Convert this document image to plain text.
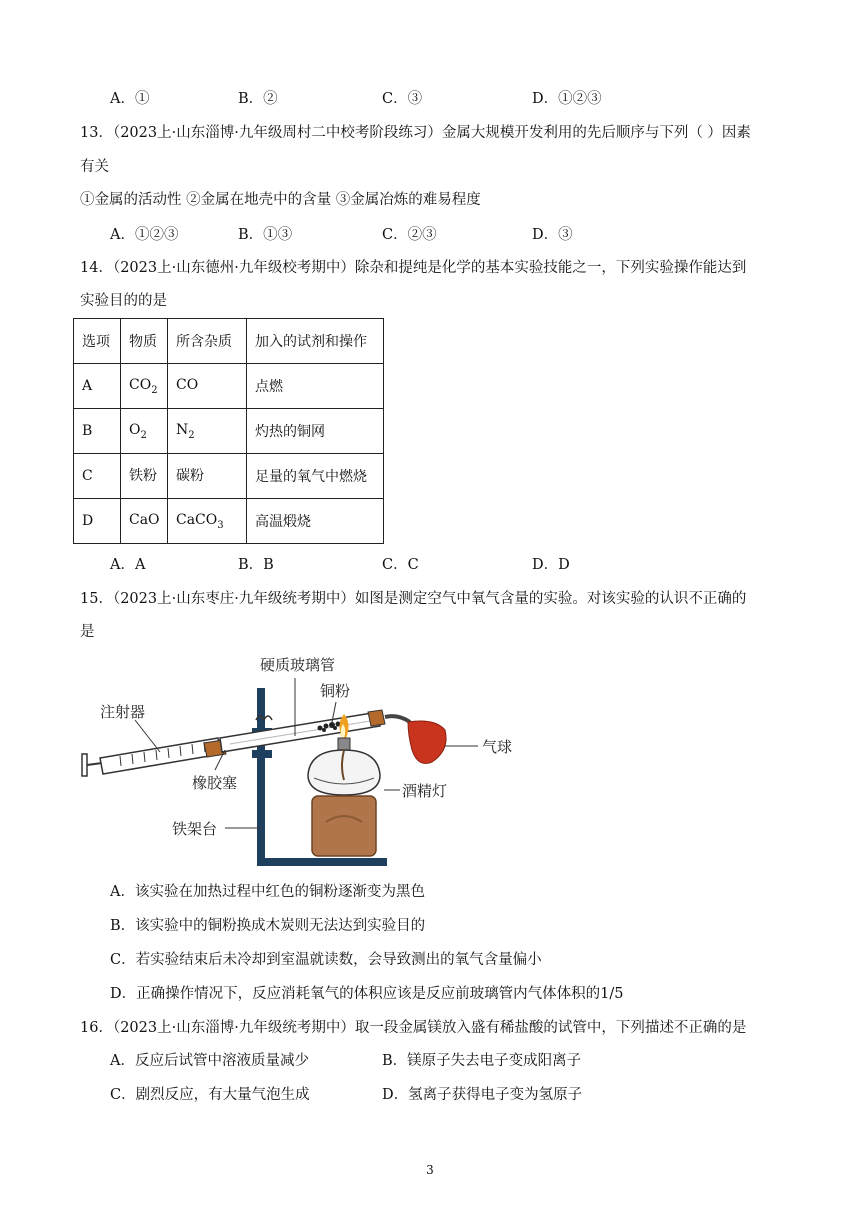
A．①	B．②	C．③	D．①②③
13．（2023上·山东淄博·九年级周村二中校考阶段练习）金属大规模开发利用的先后顺序与下列（ ）因素
有关
①金属的活动性 ②金属在地壳中的含量 ③金属冶炼的难易程度
A．①②③	B．①③	C．②③	D．③
14．（2023上·山东德州·九年级校考期中）除杂和提纯是化学的基本实验技能之一，下列实验操作能达到
实验目的的是
选项	物质	所含杂质	加入的试剂和操作
A	$CO_2$	CO	点燃
B	$O_2$	$N_2$	灼热的铜网
C	铁粉	碳粉	足量的氧气中燃烧
D	CaO	CaCO$_3$	高温煅烧
A．A	B．B	C．C	D．D
15．（2023上·山东枣庄·九年级统考期中）如图是测定空气中氧气含量的实验。对该实验的认识不正确的
是
硬质玻璃管
铜粉
注射器
气球
橡胶塞	酒精灯
铁架台
A．该实验在加热过程中红色的铜粉逐渐变为黑色
B．该实验中的铜粉换成木炭则无法达到实验目的
C．若实验结束后未冷却到室温就读数，会导致测出的氧气含量偏小
D．正确操作情况下，反应消耗氧气的体积应该是反应前玻璃管内气体体积的1/5
16．（2023上·山东淄博·九年级统考期中）取一段金属镁放入盛有稀盐酸的试管中，下列描述不正确的是
A．反应后试管中溶液质量减少	B．镁原子失去电子变成阳离子
C．剧烈反应，有大量气泡生成	D．氢离子获得电子变为氢原子
3
